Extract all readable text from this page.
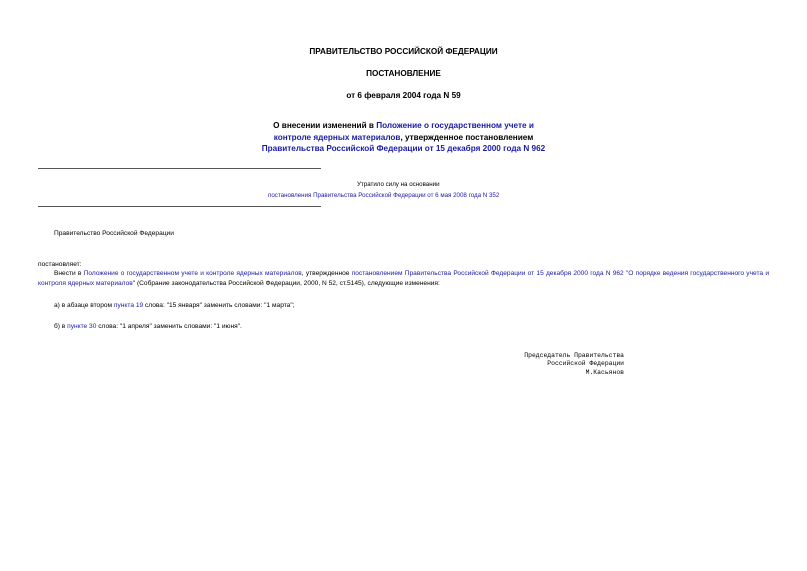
ПРАВИТЕЛЬСТВО РОССИЙСКОЙ ФЕДЕРАЦИИ
ПОСТАНОВЛЕНИЕ
от 6 февраля 2004 года N 59
О внесении изменений в Положение о государственном учете и
контроле ядерных материалов, утвержденное постановлением
Правительства Российской Федерации от 15 декабря 2000 года N 962
Утратило силу на основании
постановления Правительства Российской Федерации от 6 мая 2008 года N 352
Правительство Российской Федерации
постановляет:
Внести в Положение о государственном учете и контроле ядерных материалов, утвержденное постановлением Правительства Российской Федерации от 15 декабря 2000 года N 962 "О порядке ведения государственного учета и контроля ядерных материалов" (Собрание законодательства Российской Федерации, 2000, N 52, ст.5145), следующие изменения:
а) в абзаце втором пункта 19 слова: "15 января" заменить словами: "1 марта";
б) в пункте 30 слова: "1 апреля" заменить словами: "1 июня".
Председатель Правительства
Российской Федерации
М.Касьянов
